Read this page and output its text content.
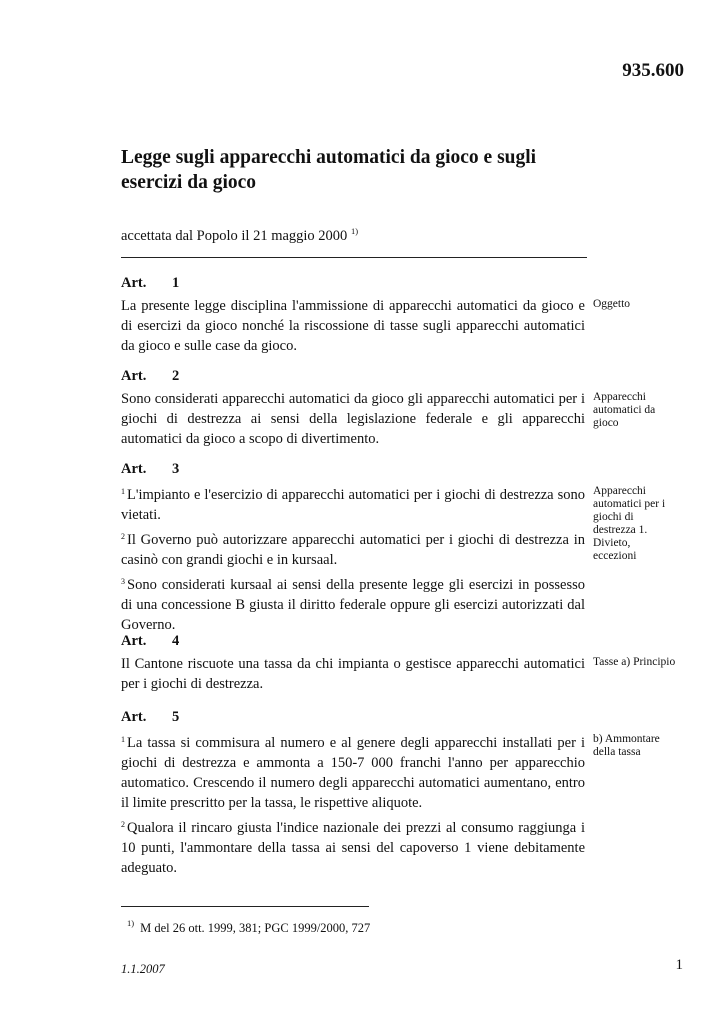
935.600
Legge sugli apparecchi automatici da gioco e sugli esercizi da gioco
accettata dal Popolo il 21 maggio 2000 $^{1)}$
Art. 1
La presente legge disciplina l'ammissione di apparecchi automatici da gioco e di esercizi da gioco nonché la riscossione di tasse sugli apparecchi automatici da gioco e sulle case da gioco.
Oggetto
Art. 2
Sono considerati apparecchi automatici da gioco gli apparecchi automatici per i giochi di destrezza ai sensi della legislazione federale e gli apparecchi automatici da gioco a scopo di divertimento.
Apparecchi automatici da gioco
Art. 3
$^1$ L'impianto e l'esercizio di apparecchi automatici per i giochi di destrezza sono vietati.
$^2$ Il Governo può autorizzare apparecchi automatici per i giochi di destrezza in casinò con grandi giochi e in kursaal.
$^3$ Sono considerati kursaal ai sensi della presente legge gli esercizi in possesso di una concessione B giusta il diritto federale oppure gli esercizi autorizzati dal Governo.
Apparecchi automatici per i giochi di destrezza 1. Divieto, eccezioni
Art. 4
Il Cantone riscuote una tassa da chi impianta o gestisce apparecchi automatici per i giochi di destrezza.
Tasse a) Principio
Art. 5
$^1$ La tassa si commisura al numero e al genere degli apparecchi installati per i giochi di destrezza e ammonta a 150-7 000 franchi l'anno per apparecchio automatico. Crescendo il numero degli apparecchi automatici aumentano, entro il limite prescritto per la tassa, le rispettive aliquote.
$^2$ Qualora il rincaro giusta l'indice nazionale dei prezzi al consumo raggiunga i 10 punti, l'ammontare della tassa ai sensi del capoverso 1 viene debitamente adeguato.
b) Ammontare della tassa
$^{1)}$ M del 26 ott. 1999, 381; PGC 1999/2000, 727
1.1.2007	1
